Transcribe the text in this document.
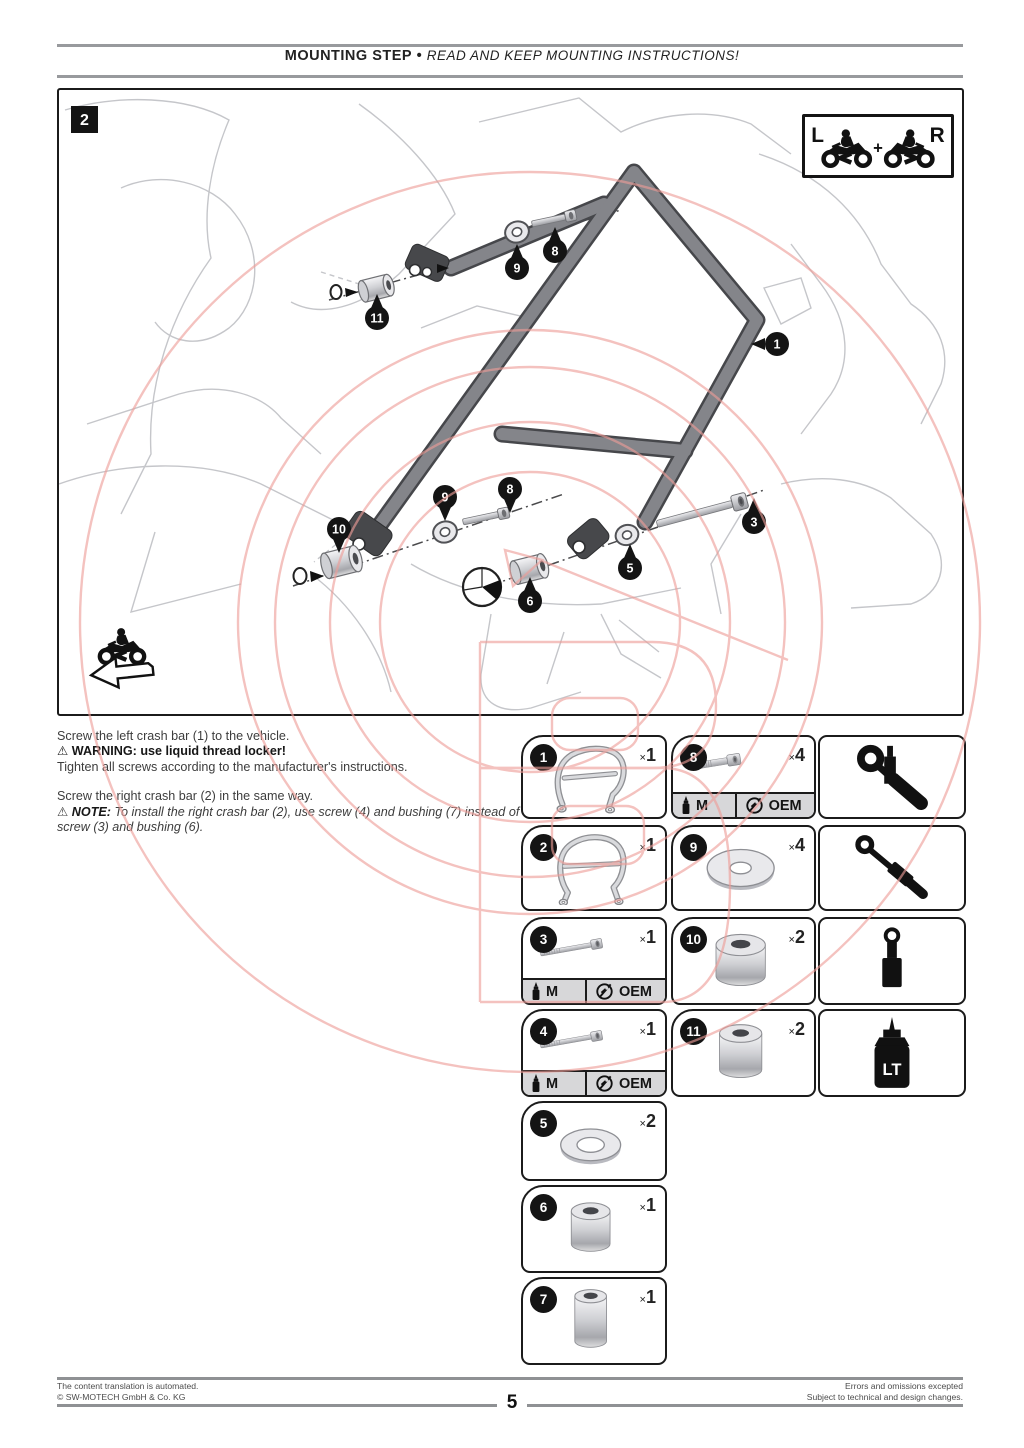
MOUNTING STEP • READ AND KEEP MOUNTING INSTRUCTIONS!
1
9
8
11
10
9
8
6
5
3
2
L	R
+
Screw the left crash bar (1) to the vehicle.
⚠ WARNING: use liquid thread locker!
Tighten all screws according to the manufacturer's instructions.
Screw the right crash bar (2) in the same way.
⚠ NOTE: To install the right crash bar (2), use screw (4) and bushing (7) instead of screw (3) and bushing (6).
1	×1
2	×1
3	×1
M	OEM
4	×1
M	OEM
5	×2
6	×1
7	×1
8	×4
M	OEM
9	×4
10	×2
11	×2
LT
The content translation is automated.
© SW-MOTECH GmbH & Co. KG
Errors and omissions excepted
Subject to technical and design changes.
5
